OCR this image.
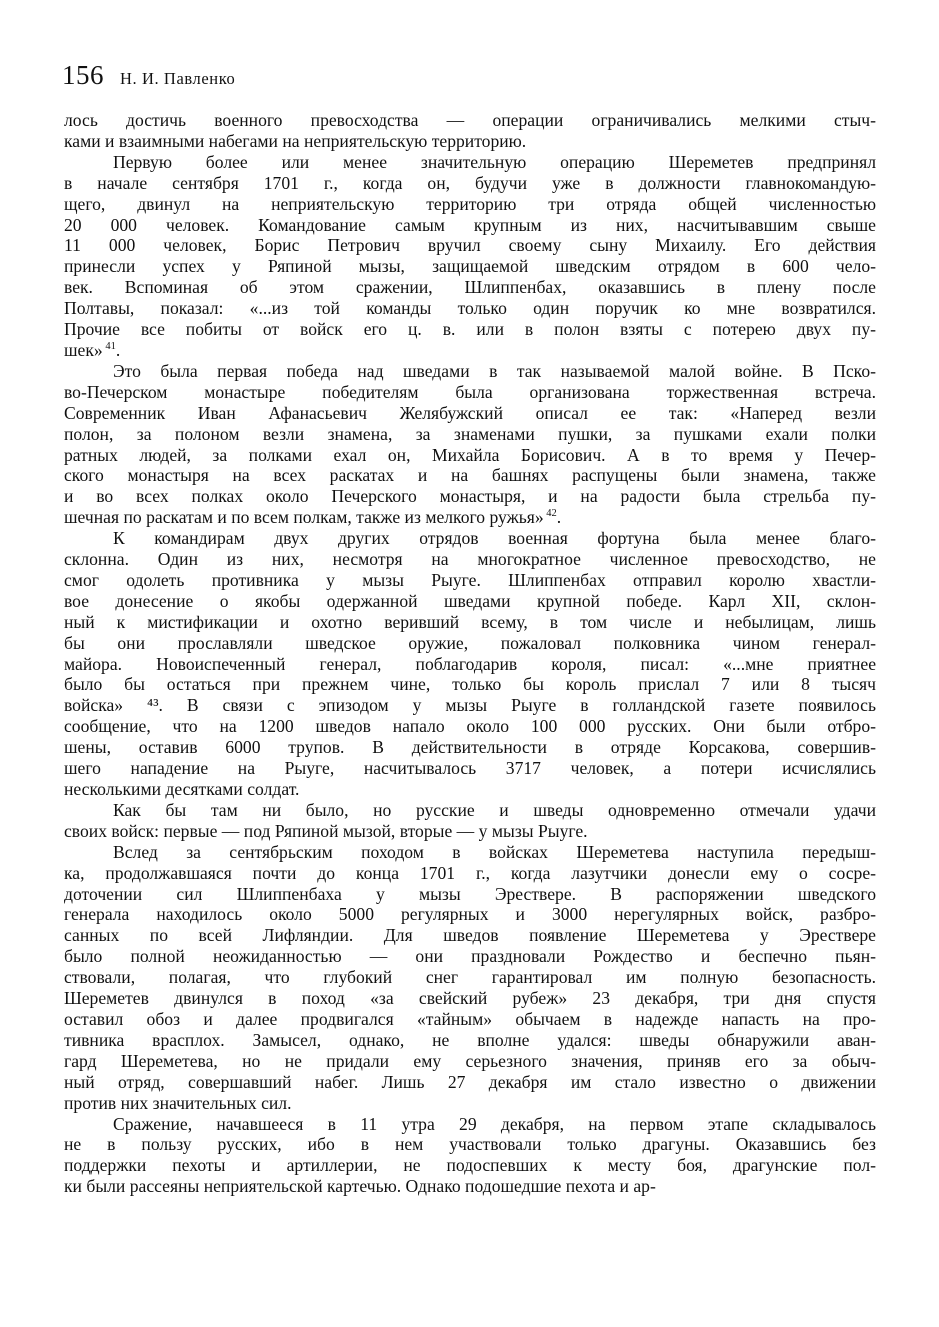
156 Н. И. Павленко
лось достичь военного превосходства — операции ограничивались мелкими стыч-
ками и взаимными набегами на неприятельскую территорию.
Первую более или менее значительную операцию Шереметев предпринял
в начале сентября 1701 г., когда он, будучи уже в должности главнокомандую-
щего, двинул на неприятельскую территорию три отряда общей численностью
20 000 человек. Командование самым крупным из них, насчитывавшим свыше
11 000 человек, Борис Петрович вручил своему сыну Михаилу. Его действия
принесли успех у Ряпиной мызы, защищаемой шведским отрядом в 600 чело-
век. Вспоминая об этом сражении, Шлиппенбах, оказавшись в плену после
Полтавы, показал: «...из той команды только один поручик ко мне возвратился.
Прочие все побиты от войск его ц. в. или в полон взяты с потерею двух пу-
шек» $^{41}$.
Это была первая победа над шведами в так называемой малой войне. В Пско-
во-Печерском монастыре победителям была организована торжественная встреча.
Современник Иван Афанасьевич Желябужский описал ее так: «Наперед везли
полон, за полоном везли знамена, за знаменами пушки, за пушками ехали полки
ратных людей, за полками ехал он, Михайла Борисович. А в то время у Печер-
ского монастыря на всех раскатах и на башнях распущены были знамена, также
и во всех полках около Печерского монастыря, и на радости была стрельба пу-
шечная по раскатам и по всем полкам, также из мелкого ружья» $^{42}$.
К командирам двух других отрядов военная фортуна была менее благо-
склонна. Один из них, несмотря на многократное численное превосходство, не
смог одолеть противника у мызы Рыуге. Шлиппенбах отправил королю хвастли-
вое донесение о якобы одержанной шведами крупной победе. Карл XII, склон-
ный к мистификации и охотно веривший всему, в том числе и небылицам, лишь
бы они прославляли шведское оружие, пожаловал полковника чином генерал-
майора. Новоиспеченный генерал, поблагодарив короля, писал: «...мне приятнее
было бы остаться при прежнем чине, только бы король прислал 7 или 8 тысяч
войска» ⁴³. В связи с эпизодом у мызы Рыуге в голландской газете появилось
сообщение, что на 1200 шведов напало около 100 000 русских. Они были отбро-
шены, оставив 6000 трупов. В действительности в отряде Корсакова, совершив-
шего нападение на Рыуге, насчитывалось 3717 человек, а потери исчислялись
несколькими десятками солдат.
Как бы там ни было, но русские и шведы одновременно отмечали удачи
своих войск: первые — под Ряпиной мызой, вторые — у мызы Рыуге.
Вслед за сентябрьским походом в войсках Шереметева наступила передыш-
ка, продолжавшаяся почти до конца 1701 г., когда лазутчики донесли ему о сосре-
доточении сил Шлиппенбаха у мызы Эрествере. В распоряжении шведского
генерала находилось около 5000 регулярных и 3000 нерегулярных войск, разбро-
санных по всей Лифляндии. Для шведов появление Шереметева у Эрествере
было полной неожиданностью — они праздновали Рождество и беспечно пьян-
ствовали, полагая, что глубокий снег гарантировал им полную безопасность.
Шереметев двинулся в поход «за свейский рубеж» 23 декабря, три дня спустя
оставил обоз и далее продвигался «тайным» обычаем в надежде напасть на про-
тивника врасплох. Замысел, однако, не вполне удался: шведы обнаружили аван-
гард Шереметева, но не придали ему серьезного значения, приняв его за обыч-
ный отряд, совершавший набег. Лишь 27 декабря им стало известно о движении
против них значительных сил.
Сражение, начавшееся в 11 утра 29 декабря, на первом этапе складывалось
не в пользу русских, ибо в нем участвовали только драгуны. Оказавшись без
поддержки пехоты и артиллерии, не подоспевших к месту боя, драгунские пол-
ки были рассеяны неприятельской картечью. Однако подошедшие пехота и ар-
